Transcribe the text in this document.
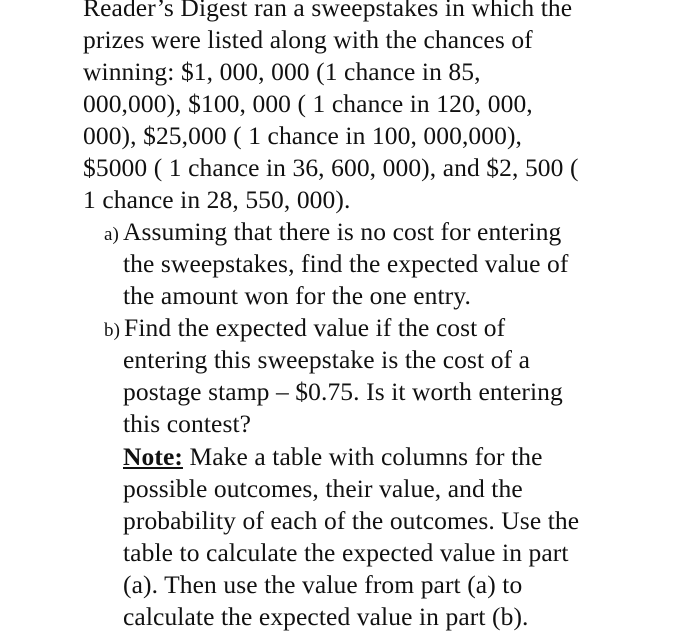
Reader’s Digest ran a sweepstakes in which the
prizes were listed along with the chances of
winning: $1, 000, 000 (1 chance in 85,
000,000), $100, 000 ( 1 chance in 120, 000,
000), $25,000 ( 1 chance in 100, 000,000),
$5000 ( 1 chance in 36, 600, 000), and $2, 500 (
1 chance in 28, 550, 000).
a) Assuming that there is no cost for entering
the sweepstakes, find the expected value of
the amount won for the one entry.
b) Find the expected value if the cost of
entering this sweepstake is the cost of a
postage stamp – $0.75. Is it worth entering
this contest?
Note: Make a table with columns for the
possible outcomes, their value, and the
probability of each of the outcomes. Use the
table to calculate the expected value in part
(a). Then use the value from part (a) to
calculate the expected value in part (b).
